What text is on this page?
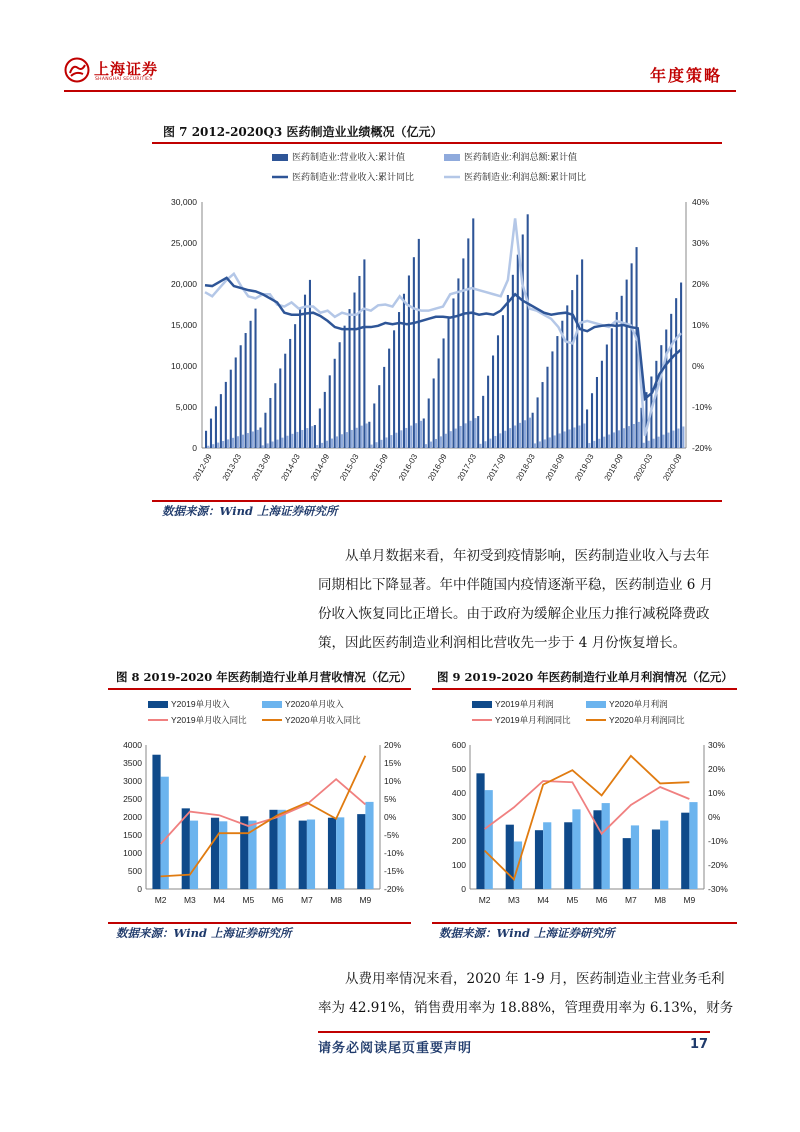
上海证券
SHANGHAI SECURITIES	年度策略
图 7 2012-2020Q3 医药制造业业绩概况（亿元）
医药制造业:营业收入:累计值	医药制造业:利润总额:累计值
医药制造业:营业收入:累计同比	医药制造业:利润总额:累计同比
0
5,000
10,000
15,000
20,000
25,000
30,000
-20%
-10%
0%
10%
20%
30%
40%
2012-09 2013-03 2013-09 2014-03 2014-09 2015-03 2015-09 2016-03 2016-09 2017-03 2017-09 2018-03 2018-09 2019-03 2019-09 2020-03 2020-09
数据来源：Wind 上海证券研究所
从单月数据来看，年初受到疫情影响，医药制造业收入与去年
同期相比下降显著。年中伴随国内疫情逐渐平稳，医药制造业 6 月
份收入恢复同比正增长。由于政府为缓解企业压力推行减税降费政
策，因此医药制造业利润相比营收先一步于 4 月份恢复增长。
图 8 2019-2020 年医药制造行业单月营收情况（亿元）
Y2019单月收入	Y2020单月收入
Y2019单月收入同比	Y2020单月收入同比
0
500
1000
1500
2000
2500
3000
3500
4000
-20%
-15%
-10%
-5%
0%
5%
10%
15%
20%
M2 M3 M4 M5 M6 M7 M8 M9
数据来源：Wind 上海证券研究所
图 9 2019-2020 年医药制造行业单月利润情况（亿元）
Y2019单月利润	Y2020单月利润
Y2019单月利润同比	Y2020单月利润同比
0
100
200
300
400
500
600
-30%
-20%
-10%
0%
10%
20%
30%
M2 M3 M4 M5 M6 M7 M8 M9
数据来源：Wind 上海证券研究所
从费用率情况来看，2020 年 1-9 月，医药制造业主营业务毛利
率为 42.91%，销售费用率为 18.88%，管理费用率为 6.13%，财务
请务必阅读尾页重要声明	17
